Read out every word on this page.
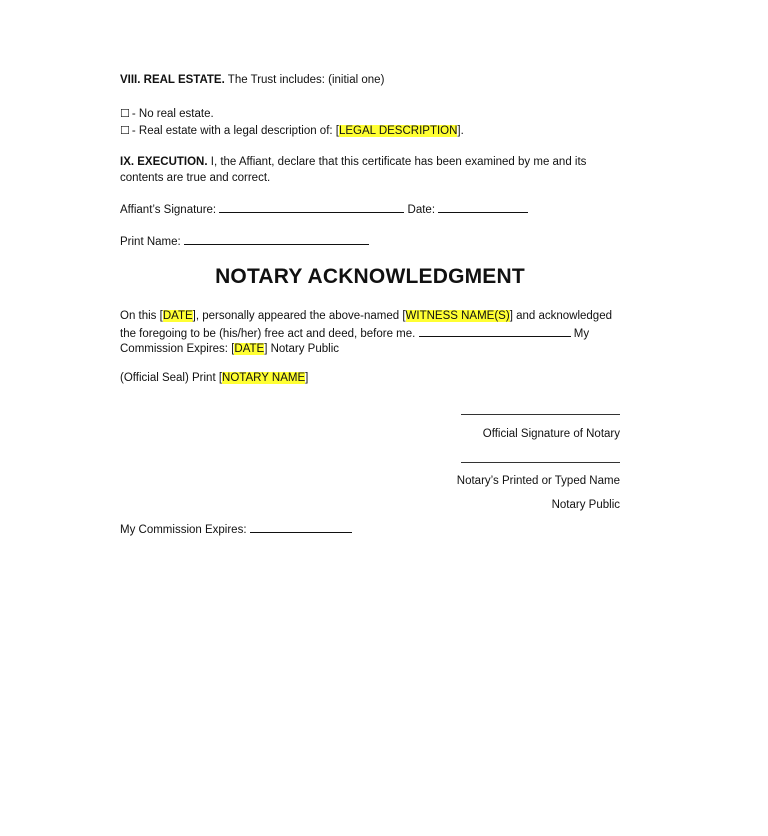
VIII. REAL ESTATE. The Trust includes: (initial one)
☐ - No real estate.
☐ - Real estate with a legal description of: [LEGAL DESCRIPTION].
IX. EXECUTION. I, the Affiant, declare that this certificate has been examined by me and its contents are true and correct.
Affiant’s Signature:	Date:
Print Name:
NOTARY ACKNOWLEDGMENT
On this [DATE], personally appeared the above-named [WITNESS NAME(S)] and acknowledged the foregoing to be (his/her) free act and deed, before me.	My Commission Expires: [DATE] Notary Public
(Official Seal) Print [NOTARY NAME]
Official Signature of Notary
Notary’s Printed or Typed Name
Notary Public
My Commission Expires:
